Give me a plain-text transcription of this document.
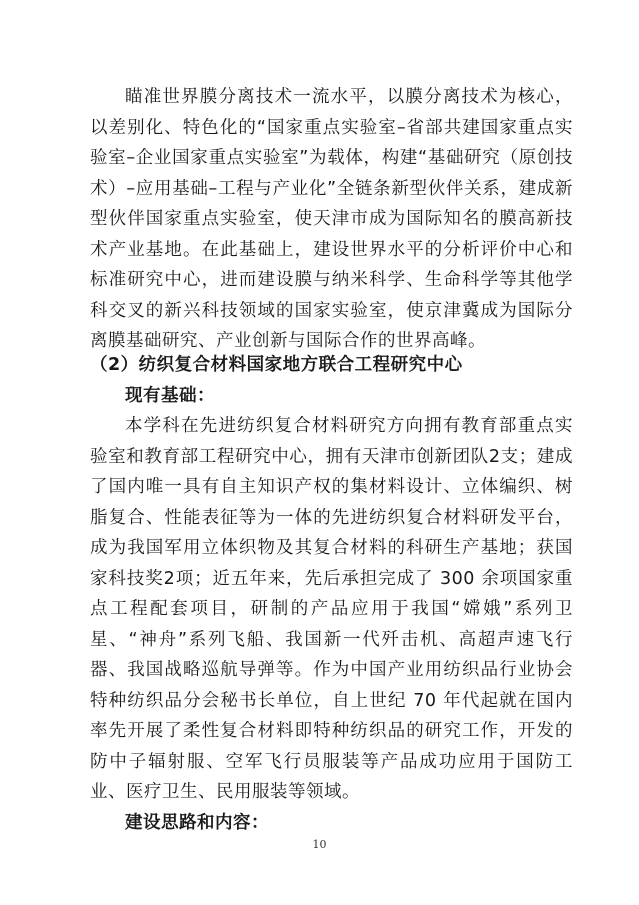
瞄准世界膜分离技术一流水平，以膜分离技术为核心，以差别化、特色化的“国家重点实验室–省部共建国家重点实验室–企业国家重点实验室”为载体，构建“基础研究（原创技术）–应用基础–工程与产业化”全链条新型伙伴关系，建成新型伙伴国家重点实验室，使天津市成为国际知名的膜高新技术产业基地。在此基础上，建设世界水平的分析评价中心和标准研究中心，进而建设膜与纳米科学、生命科学等其他学科交叉的新兴科技领域的国家实验室，使京津冀成为国际分离膜基础研究、产业创新与国际合作的世界高峰。

（2）纺织复合材料国家地方联合工程研究中心

现有基础：

本学科在先进纺织复合材料研究方向拥有教育部重点实验室和教育部工程研究中心，拥有天津市创新团队2支；建成了国内唯一具有自主知识产权的集材料设计、立体编织、树脂复合、性能表征等为一体的先进纺织复合材料研发平台，成为我国军用立体织物及其复合材料的科研生产基地；获国家科技奖2项；近五年来，先后承担完成了 300 余项国家重点工程配套项目，研制的产品应用于我国“嫦娥”系列卫星、“神舟”系列飞船、我国新一代歼击机、高超声速飞行器、我国战略巡航导弹等。作为中国产业用纺织品行业协会特种纺织品分会秘书长单位，自上世纪 70 年代起就在国内率先开展了柔性复合材料即特种纺织品的研究工作，开发的防中子辐射服、空军飞行员服装等产品成功应用于国防工业、医疗卫生、民用服装等领域。

建设思路和内容：

10
